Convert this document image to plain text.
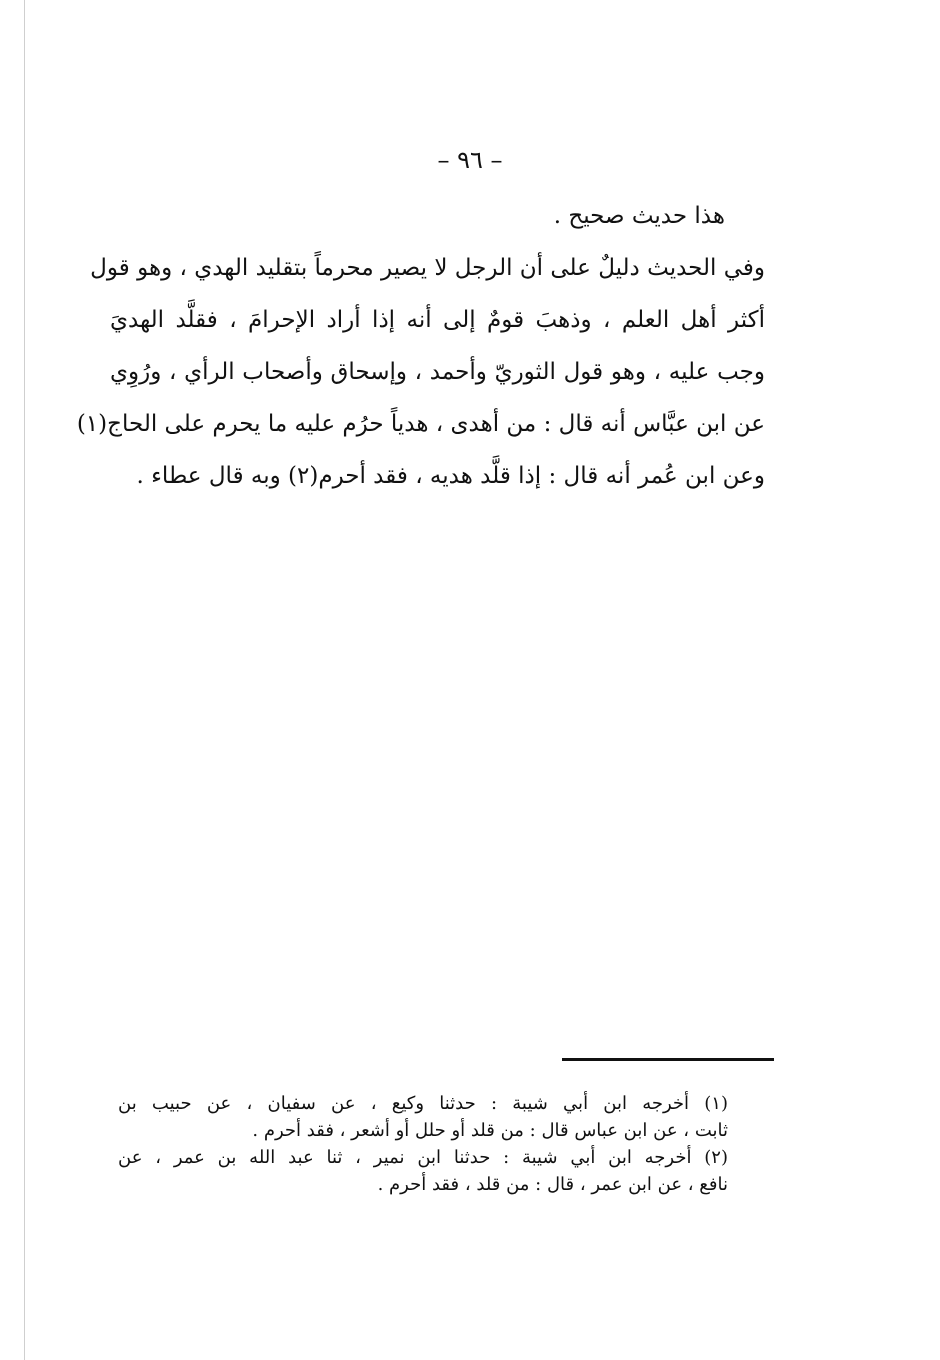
– ٩٦ –

هذا حديث صحيح .

وفي الحديث دليلٌ على أن الرجل لا يصير محرماً بتقليد الهدي ، وهو قول
أكثر أهل العلم ، وذهبَ قومٌ إلى أنه إذا أراد الإحرامَ ، فقلَّد الهديَ
وجب عليه ، وهو قول الثوريّ وأحمد ، وإسحاق وأصحاب الرأي ، ورُوِي
عن ابن عبَّاس أنه قال : من أهدى ، هدياً حرُم عليه ما يحرم على الحاج(١)
وعن ابن عُمر أنه قال : إذا قلَّد هديه ، فقد أحرم(٢) وبه قال عطاء .

(١) أخرجه ابن أبي شيبة : حدثنا وكيع ، عن سفيان ، عن حبيب بن
ثابت ، عن ابن عباس قال : من قلد أو حلل أو أشعر ، فقد أحرم .
(٢) أخرجه ابن أبي شيبة : حدثنا ابن نمير ، ثنا عبد الله بن عمر ، عن
نافع ، عن ابن عمر ، قال : من قلد ، فقد أحرم .
